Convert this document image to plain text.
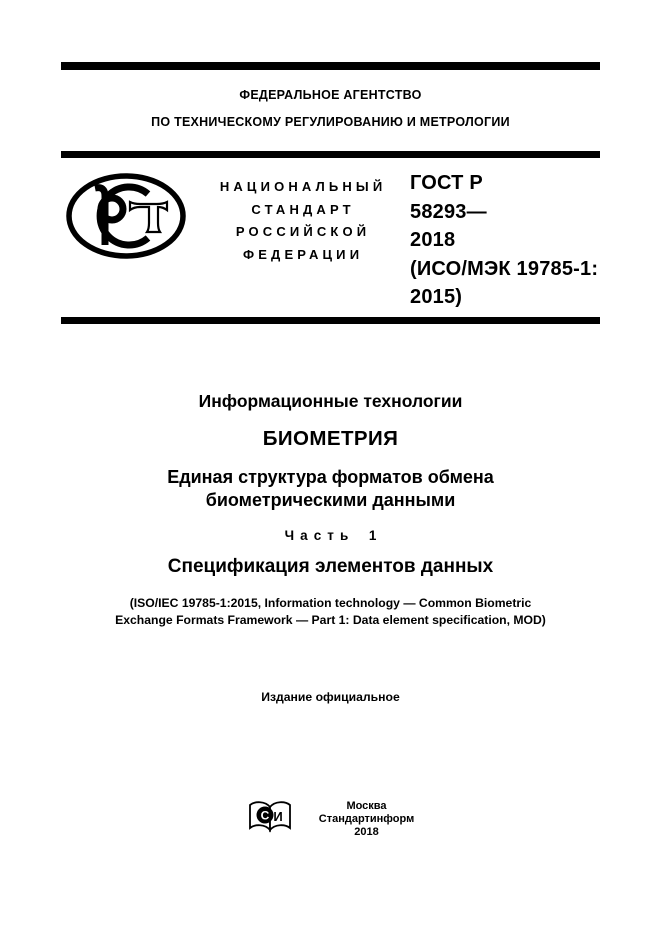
ФЕДЕРАЛЬНОЕ АГЕНТСТВО
ПО ТЕХНИЧЕСКОМУ РЕГУЛИРОВАНИЮ И МЕТРОЛОГИИ
НАЦИОНАЛЬНЫЙ
СТАНДАРТ
РОССИЙСКОЙ
ФЕДЕРАЦИИ
ГОСТ Р
58293—
2018
(ИСО/МЭК 19785-1:
2015)
Информационные технологии
БИОМЕТРИЯ
Единая структура форматов обмена
биометрическими данными
Часть 1
Спецификация элементов данных
(ISO/IEC 19785-1:2015, Information technology — Common Biometric
Exchange Formats Framework — Part 1: Data element specification, MOD)
Издание официальное
С И
Москва
Стандартинформ
2018
